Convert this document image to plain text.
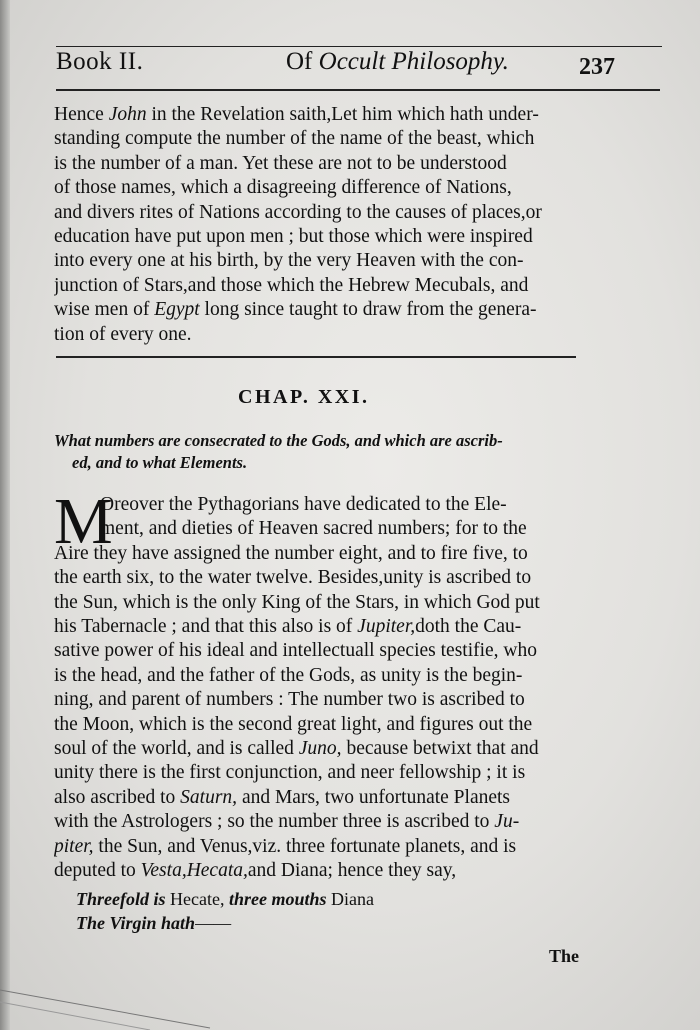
Book II.	Of Occult Philosophy.	237
Hence John in the Revelation saith,Let him which hath under-
standing compute the number of the name of the beast, which
is the number of a man. Yet these are not to be understood
of those names, which a disagreeing difference of Nations,
and divers rites of Nations according to the causes of places,or
education have put upon men ; but those which were inspired
into every one at his birth, by the very Heaven with the con-
junction of Stars,and those which the Hebrew Mecubals, and
wise men of Egypt long since taught to draw from the genera-
tion of every one.
CHAP. XXI.
What numbers are consecrated to the Gods, and which are ascrib-
ed, and to what Elements.
M
Oreover the Pythagorians have dedicated to the Ele-
ment, and dieties of Heaven sacred numbers; for to the
Aire they have assigned the number eight, and to fire five, to
the earth six, to the water twelve. Besides,unity is ascribed to
the Sun, which is the only King of the Stars, in which God put
his Tabernacle ; and that this also is of Jupiter,doth the Cau-
sative power of his ideal and intellectuall species testifie, who
is the head, and the father of the Gods, as unity is the begin-
ning, and parent of numbers : The number two is ascribed to
the Moon, which is the second great light, and figures out the
soul of the world, and is called Juno, because betwixt that and
unity there is the first conjunction, and neer fellowship ; it is
also ascribed to Saturn, and Mars, two unfortunate Planets
with the Astrologers ; so the number three is ascribed to Ju-
piter, the Sun, and Venus,viz. three fortunate planets, and is
deputed to Vesta,Hecata,and Diana; hence they say,
Threefold is Hecate, three mouths Diana
The Virgin hath——
The
